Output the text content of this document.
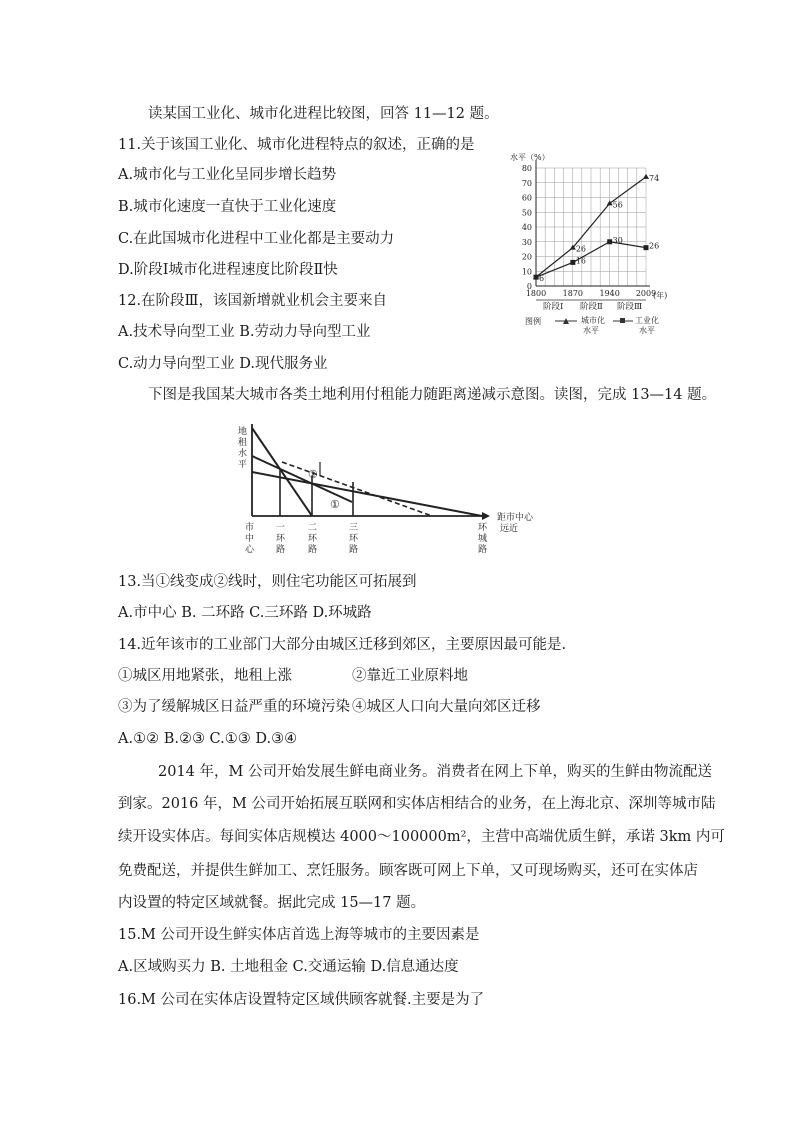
读某国工业化、城市化进程比较图，回答 11—12 题。
11.关于该国工业化、城市化进程特点的叙述，正确的是
A.城市化与工业化呈同步增长趋势
B.城市化速度一直快于工业化速度
C.在此国城市化进程中工业化都是主要动力
D.阶段Ⅰ城市化进程速度比阶段Ⅱ快
12.在阶段Ⅲ，该国新增就业机会主要来自
A.技术导向型工业 B.劳动力导向型工业
C.动力导向型工业 D.现代服务业
水平（%）
0
10
20
30
40
50
60
70
80
1800 1870 1940 2009
(年)
阶段Ⅰ 阶段Ⅱ 阶段Ⅲ
6
26
56
74
16
30
26
图例	城市化
水平
工业化
水平
下图是我国某大城市各类土地利用付租能力随距离递减示意图。读图，完成 13—14 题。
地
租
水
平
距市中心
远近
②
①
市
中
心
一
环
路
二
环
路
三
环
路
环
城
路
13.当①线变成②线时，则住宅功能区可拓展到
A.市中心 B. 二环路 C.三环路 D.环城路
14.近年该市的工业部门大部分由城区迁移到郊区，主要原因最可能是.
①城区用地紧张，地租上涨	②靠近工业原料地
③为了缓解城区日益严重的环境污染 ④城区人口向大量向郊区迁移
A.①② B.②③ C.①③ D.③④
2014 年，M 公司开始发展生鲜电商业务。消费者在网上下单，购买的生鲜由物流配送
到家。2016 年，M 公司开始拓展互联网和实体店相结合的业务，在上海北京、深圳等城市陆
续开设实体店。每间实体店规模达 4000～100000m²，主营中高端优质生鲜，承诺 3km 内可
免费配送，并提供生鲜加工、烹饪服务。顾客既可网上下单，又可现场购买，还可在实体店
内设置的特定区域就餐。据此完成 15—17 题。
15.M 公司开设生鲜实体店首选上海等城市的主要因素是
A.区域购买力 B. 土地租金 C.交通运输 D.信息通达度
16.M 公司在实体店设置特定区域供顾客就餐.主要是为了
